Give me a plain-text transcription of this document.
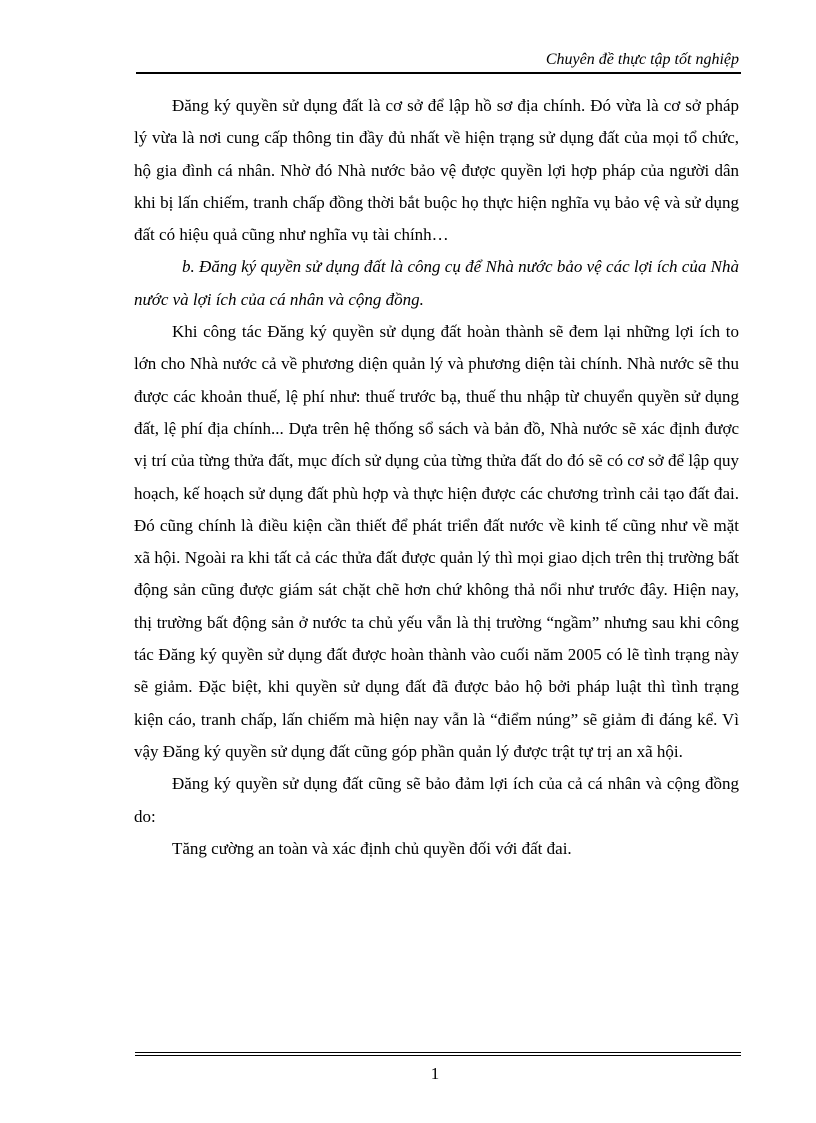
Chuyên đề thực tập tốt nghiệp

Đăng ký quyền sử dụng đất là cơ sở để lập hồ sơ địa chính. Đó vừa là cơ sở pháp lý vừa là nơi cung cấp thông tin đầy đủ nhất về hiện trạng sử dụng đất của mọi tổ chức, hộ gia đình cá nhân. Nhờ đó Nhà nước bảo vệ được quyền lợi hợp pháp của người dân khi bị lấn chiếm, tranh chấp đồng thời bắt buộc họ thực hiện nghĩa vụ bảo vệ và sử dụng đất có hiệu quả cũng như nghĩa vụ tài chính…

b. Đăng ký quyền sử dụng đất là công cụ để Nhà nước bảo vệ các lợi ích của Nhà nước và lợi ích của cá nhân và cộng đồng.

Khi công tác Đăng ký quyền sử dụng đất hoàn thành sẽ đem lại những lợi ích to lớn cho Nhà nước cả về phương diện quản lý và phương diện tài chính. Nhà nước sẽ thu được các khoản thuế, lệ phí như: thuế trước bạ, thuế thu nhập từ chuyển quyền sử dụng đất, lệ phí địa chính... Dựa trên hệ thống sổ sách và bản đồ, Nhà nước sẽ xác định được vị trí của từng thửa đất, mục đích sử dụng của từng thửa đất do đó sẽ có cơ sở để lập quy hoạch, kế hoạch sử dụng đất phù hợp và thực hiện được các chương trình cải tạo đất đai. Đó cũng chính là điều kiện cần thiết để phát triển đất nước về kinh tế cũng như về mặt xã hội. Ngoài ra khi tất cả các thửa đất được quản lý thì mọi giao dịch trên thị trường bất động sản cũng được giám sát chặt chẽ hơn chứ không thả nổi như trước đây. Hiện nay, thị trường bất động sản ở nước ta chủ yếu vẫn là thị trường “ngầm” nhưng sau khi công tác Đăng ký quyền sử dụng đất được hoàn thành vào cuối năm 2005 có lẽ tình trạng này sẽ giảm. Đặc biệt, khi quyền sử dụng đất đã được bảo hộ bởi pháp luật thì tình trạng kiện cáo, tranh chấp, lấn chiếm mà hiện nay vẫn là “điểm núng” sẽ giảm đi đáng kể. Vì vậy Đăng ký quyền sử dụng đất cũng góp phần quản lý được trật tự trị an xã hội.

Đăng ký quyền sử dụng đất cũng sẽ bảo đảm lợi ích của cả cá nhân và cộng đồng do:

Tăng cường an toàn và xác định chủ quyền đối với đất đai.

1
